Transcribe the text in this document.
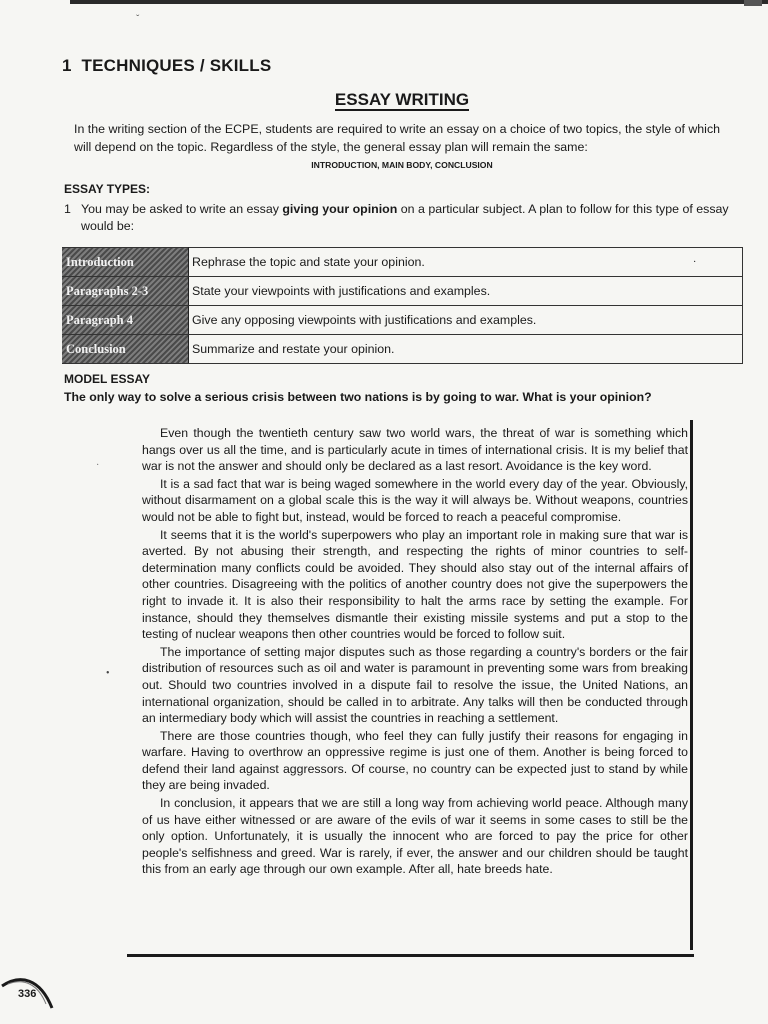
ˇ
1 TECHNIQUES / SKILLS
ESSAY WRITING
In the writing section of the ECPE, students are required to write an essay on a choice of two topics, the style of which will depend on the topic. Regardless of the style, the general essay plan will remain the same:
INTRODUCTION, MAIN BODY, CONCLUSION
ESSAY TYPES:
1 You may be asked to write an essay giving your opinion on a particular subject. A plan to follow for this type of essay would be:
Introduction	Rephrase the topic and state your opinion.
Paragraphs 2-3	State your viewpoints with justifications and examples.
Paragraph 4	Give any opposing viewpoints with justifications and examples.
Conclusion	Summarize and restate your opinion.
·
MODEL ESSAY
The only way to solve a serious crisis between two nations is by going to war. What is your opinion?

Even though the twentieth century saw two world wars, the threat of war is something which hangs over us all the time, and is particularly acute in times of international crisis. It is my belief that war is not the answer and should only be declared as a last resort. Avoidance is the key word.

It is a sad fact that war is being waged somewhere in the world every day of the year. Obviously, without disarmament on a global scale this is the way it will always be. Without weapons, countries would not be able to fight but, instead, would be forced to reach a peaceful compromise.

It seems that it is the world's superpowers who play an important role in making sure that war is averted. By not abusing their strength, and respecting the rights of minor countries to self-determination many conflicts could be avoided. They should also stay out of the internal affairs of other countries. Disagreeing with the politics of another country does not give the superpowers the right to invade it. It is also their responsibility to halt the arms race by setting the example. For instance, should they themselves dismantle their existing missile systems and put a stop to the testing of nuclear weapons then other countries would be forced to follow suit.

The importance of setting major disputes such as those regarding a country's borders or the fair distribution of resources such as oil and water is paramount in preventing some wars from breaking out. Should two countries involved in a dispute fail to resolve the issue, the United Nations, an international organization, should be called in to arbitrate. Any talks will then be conducted through an intermediary body which will assist the countries in reaching a settlement.

There are those countries though, who feel they can fully justify their reasons for engaging in warfare. Having to overthrow an oppressive regime is just one of them. Another is being forced to defend their land against aggressors. Of course, no country can be expected just to stand by while they are being invaded.

In conclusion, it appears that we are still a long way from achieving world peace. Although many of us have either witnessed or are aware of the evils of war it seems in some cases to still be the only option. Unfortunately, it is usually the innocent who are forced to pay the price for other people's selfishness and greed. War is rarely, if ever, the answer and our children should be taught this from an early age through our own example. After all, hate breeds hate.

·
•
336
